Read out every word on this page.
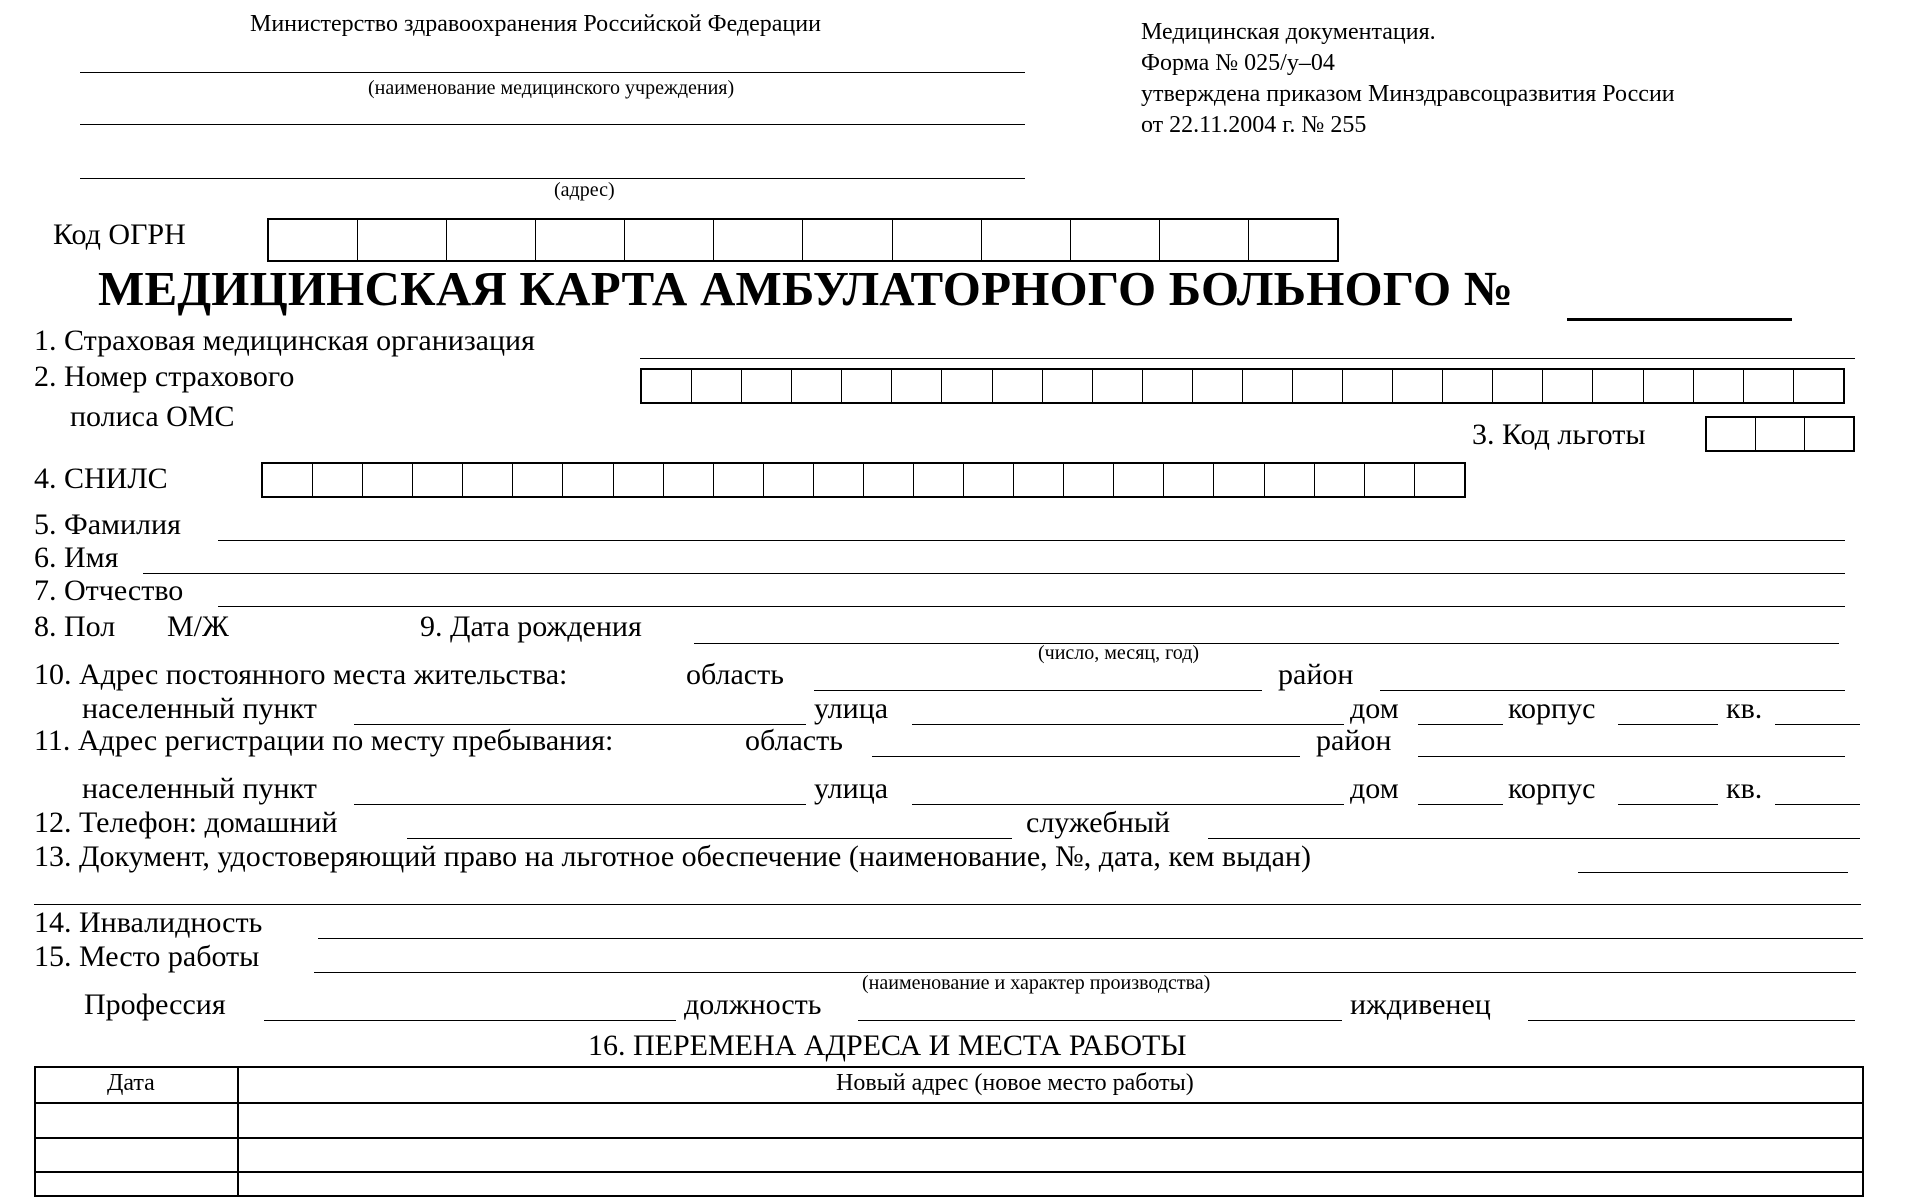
Министерство здравоохранения Российской Федерации
(наименование медицинского учреждения)
(адрес)
Медицинская документация.
Форма № 025/у–04
утверждена приказом Минздравсоцразвития России
от 22.11.2004 г. № 255
Код ОГРН
МЕДИЦИНСКАЯ КАРТА АМБУЛАТОРНОГО БОЛЬНОГО №
1. Страховая медицинская организация
2. Номер страхового
полиса ОМС
3. Код льготы
4. СНИЛС
5. Фамилия
6. Имя
7. Отчество
8. Пол М/Ж	9. Дата рождения
(число, месяц, год)
10. Адрес постоянного места жительства:	область	район
населенный пункт	улица	дом	корпус	кв.
11. Адрес регистрации по месту пребывания:	область	район
населенный пункт	улица	дом	корпус	кв.
12. Телефон: домашний	служебный
13. Документ, удостоверяющий право на льготное обеспечение (наименование, №, дата, кем выдан)
14. Инвалидность
15. Место работы
(наименование и характер производства)
Профессия	должность	иждивенец
16. ПЕРЕМЕНА АДРЕСА И МЕСТА РАБОТЫ
Дата	Новый адрес (новое место работы)
